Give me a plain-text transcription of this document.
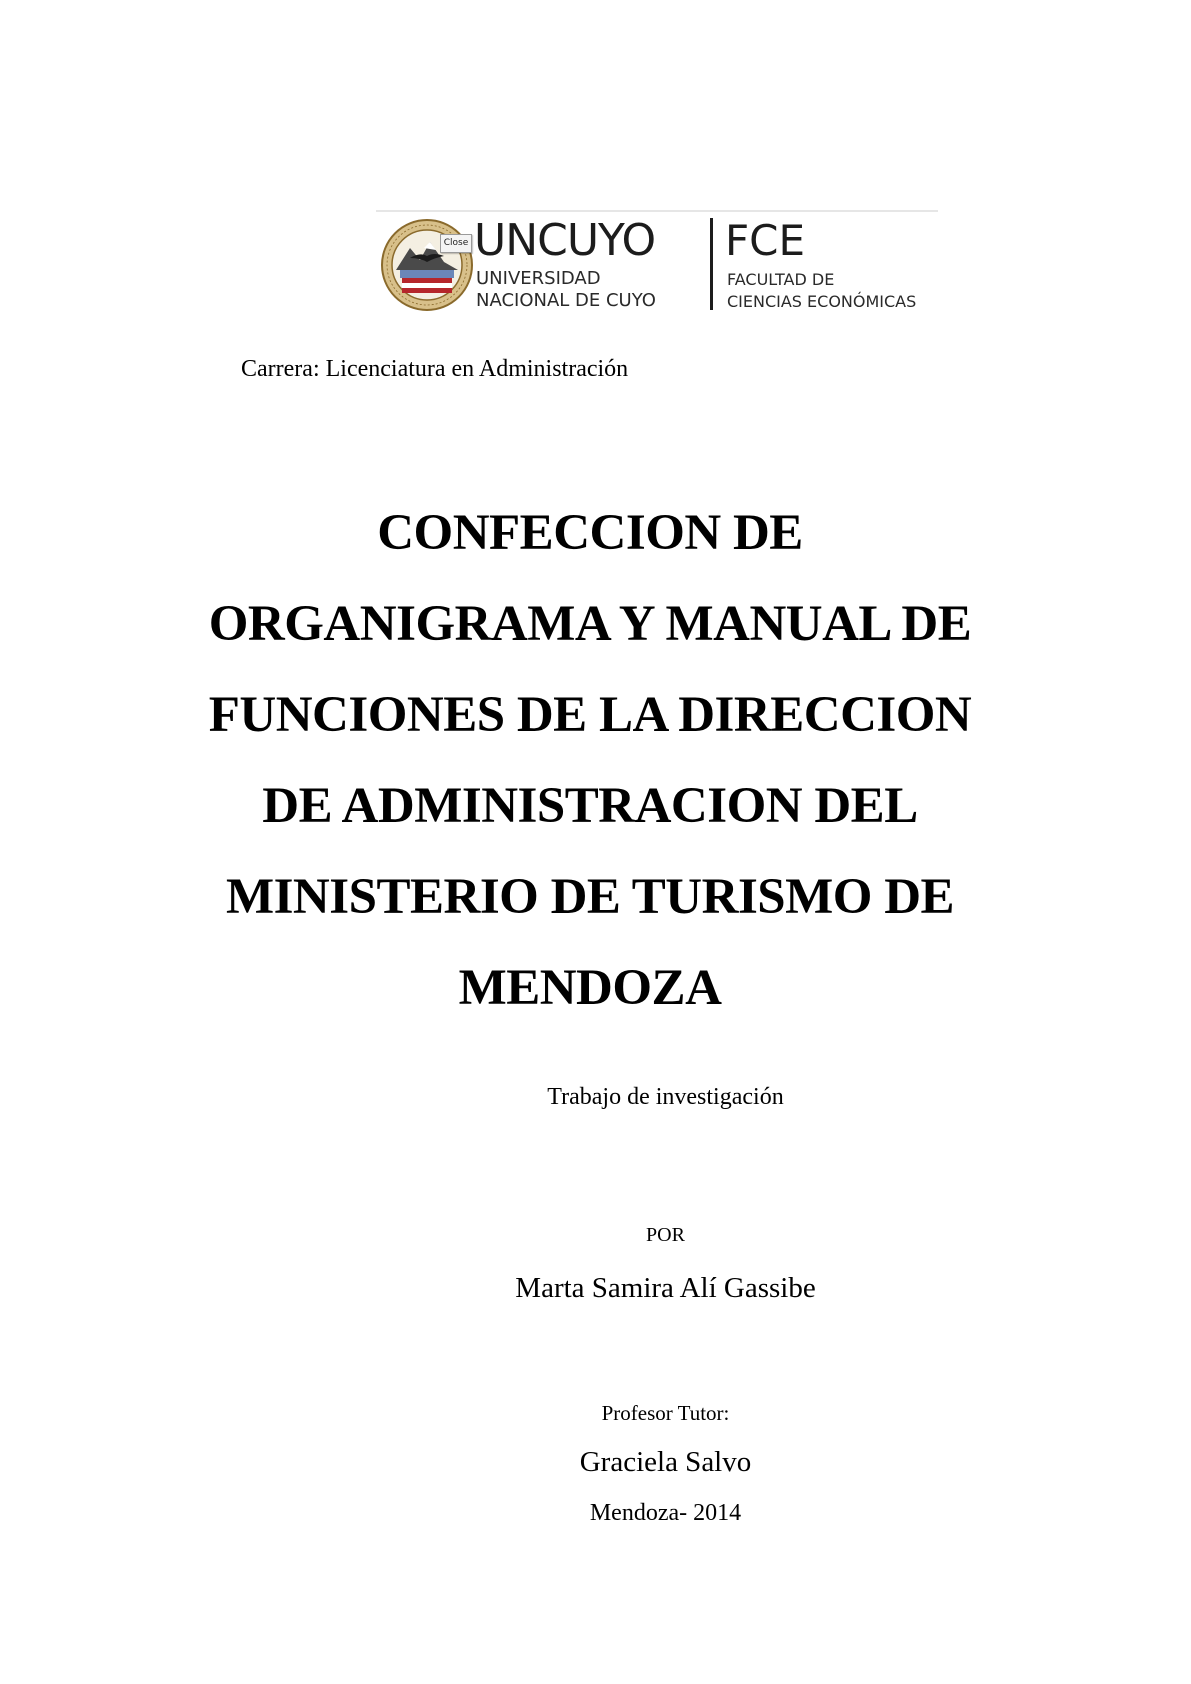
Close UNCUYO
UNIVERSIDAD
NACIONAL DE CUYO
FCE
FACULTAD DE
CIENCIAS ECONÓMICAS
Carrera: Licenciatura en Administración
CONFECCION DE
ORGANIGRAMA Y MANUAL DE
FUNCIONES DE LA DIRECCION
DE ADMINISTRACION DEL
MINISTERIO DE TURISMO DE
MENDOZA
Trabajo de investigación
POR
Marta Samira Alí Gassibe
Profesor Tutor:
Graciela Salvo
Mendoza- 2014
